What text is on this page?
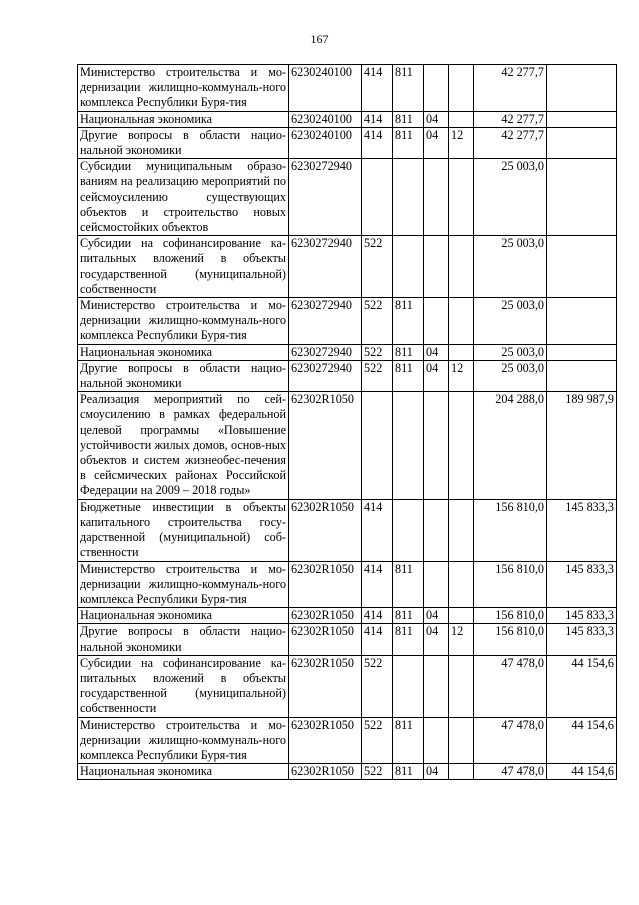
167
Министерство строительства и мо-дернизации жилищно-коммуналь-ного комплекса Республики Буря-тия	6230240100	414	811			42 277,7	
Национальная экономика	6230240100	414	811	04		42 277,7	
Другие вопросы в области нацио-нальной экономики	6230240100	414	811	04	12	42 277,7	
Субсидии муниципальным образо-ваниям на реализацию мероприятий по сейсмоусилению существующих объектов и строительство новых сейсмостойких объектов	6230272940					25 003,0	
Субсидии на софинансирование ка-питальных вложений в объекты государственной (муниципальной) собственности	6230272940	522				25 003,0	
Министерство строительства и мо-дернизации жилищно-коммуналь-ного комплекса Республики Буря-тия	6230272940	522	811			25 003,0	
Национальная экономика	6230272940	522	811	04		25 003,0	
Другие вопросы в области нацио-нальной экономики	6230272940	522	811	04	12	25 003,0	
Реализация мероприятий по сей-смоусилению в рамках федеральной целевой программы «Повышение устойчивости жилых домов, основ-ных объектов и систем жизнеобес-печения в сейсмических районах Российской Федерации на 2009 – 2018 годы»	62302R1050					204 288,0	189 987,9
Бюджетные инвестиции в объекты капитального строительства госу-дарственной (муниципальной) соб-ственности	62302R1050	414				156 810,0	145 833,3
Министерство строительства и мо-дернизации жилищно-коммуналь-ного комплекса Республики Буря-тия	62302R1050	414	811			156 810,0	145 833,3
Национальная экономика	62302R1050	414	811	04		156 810,0	145 833,3
Другие вопросы в области нацио-нальной экономики	62302R1050	414	811	04	12	156 810,0	145 833,3
Субсидии на софинансирование ка-питальных вложений в объекты государственной (муниципальной) собственности	62302R1050	522				47 478,0	44 154,6
Министерство строительства и мо-дернизации жилищно-коммуналь-ного комплекса Республики Буря-тия	62302R1050	522	811			47 478,0	44 154,6
Национальная экономика	62302R1050	522	811	04		47 478,0	44 154,6
